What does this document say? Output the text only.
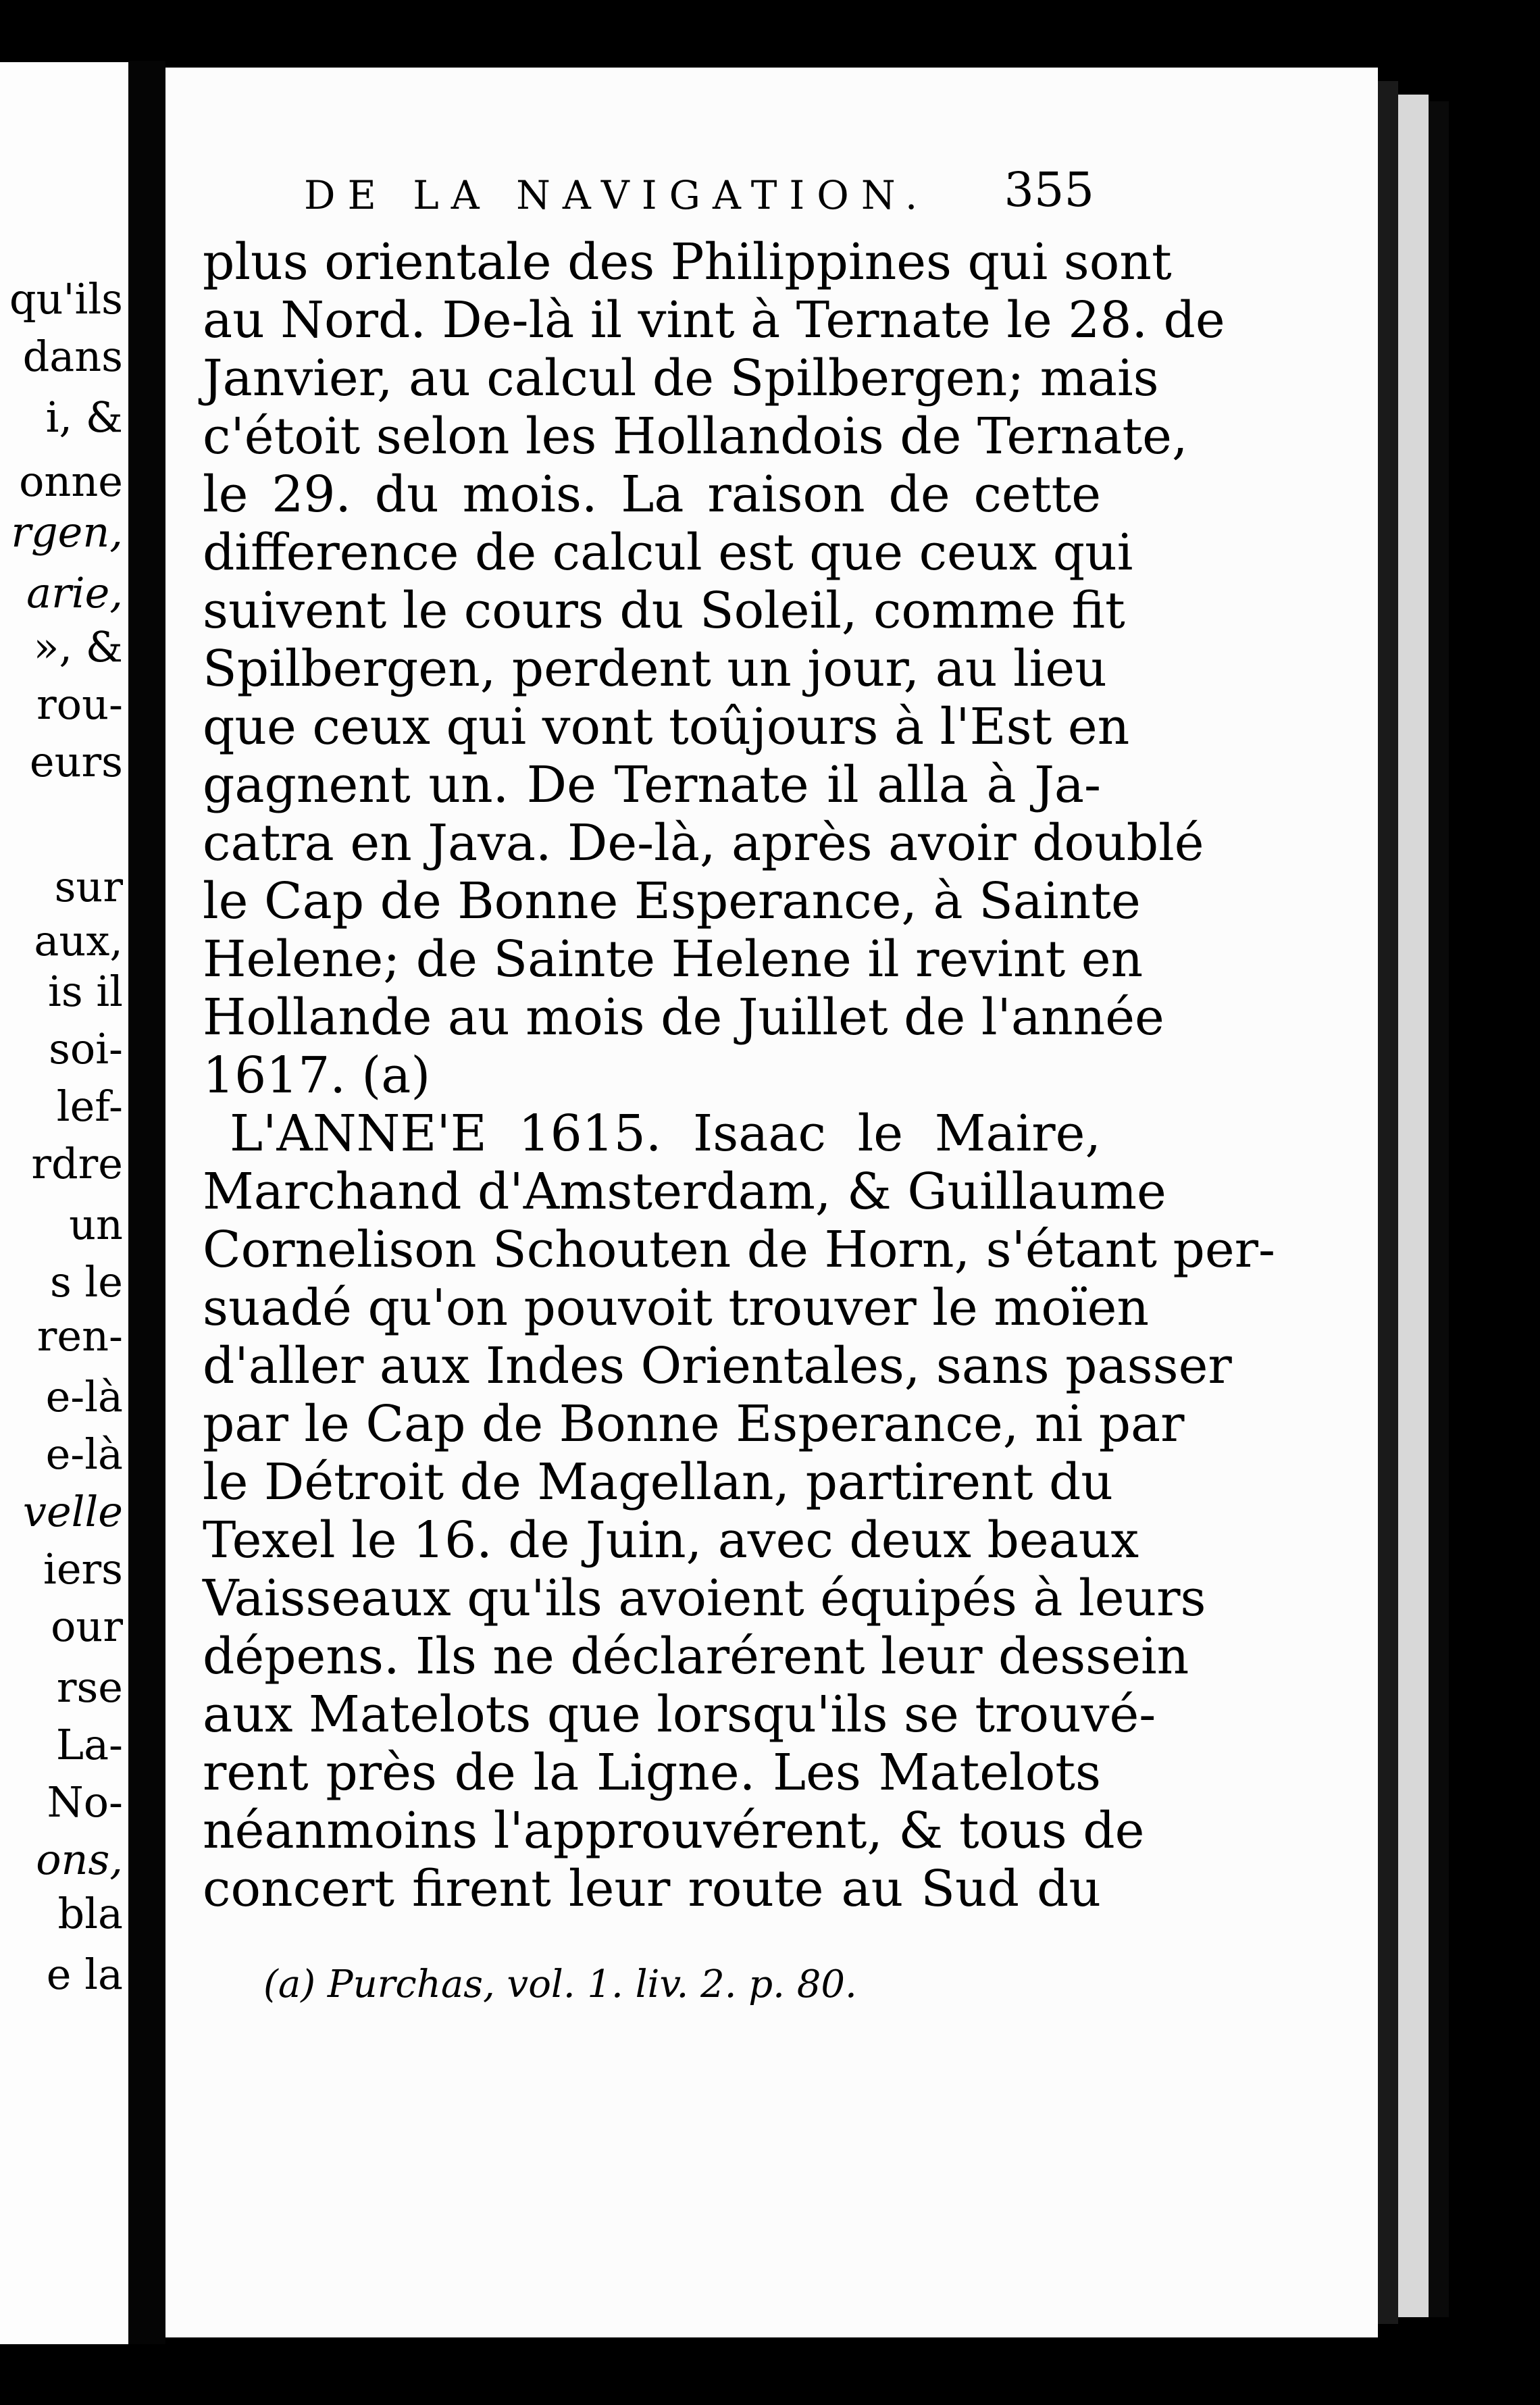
qu'ils
dans
i, &
onne
rgen,
arie,
», &
rou-
eurs
sur
aux,
is il
soi-
lef-
rdre
un
s le
ren-
e-là
e-là
velle
iers
our
rse
La-
No-
ons,
bla
e la
DE LA NAVIGATION. 355
plus orientale des Philippines qui sont
au Nord. De-là il vint à Ternate le 28. de
Janvier, au calcul de Spilbergen; mais
c'étoit selon les Hollandois de Ternate,
le 29. du mois. La raison de cette
difference de calcul est que ceux qui
suivent le cours du Soleil, comme fit
Spilbergen, perdent un jour, au lieu
que ceux qui vont toûjours à l'Est en
gagnent un. De Ternate il alla à Ja-
catra en Java. De-là, après avoir doublé
le Cap de Bonne Esperance, à Sainte
Helene; de Sainte Helene il revint en
Hollande au mois de Juillet de l'année
1617. (a)
L'ANNE'E 1615. Isaac le Maire,
Marchand d'Amsterdam, & Guillaume
Cornelison Schouten de Horn, s'étant per-
suadé qu'on pouvoit trouver le moïen
d'aller aux Indes Orientales, sans passer
par le Cap de Bonne Esperance, ni par
le Détroit de Magellan, partirent du
Texel le 16. de Juin, avec deux beaux
Vaisseaux qu'ils avoient équipés à leurs
dépens. Ils ne déclarérent leur dessein
aux Matelots que lorsqu'ils se trouvé-
rent près de la Ligne. Les Matelots
néanmoins l'approuvérent, & tous de
concert firent leur route au Sud du
(a) Purchas, vol. 1. liv. 2. p. 80.
